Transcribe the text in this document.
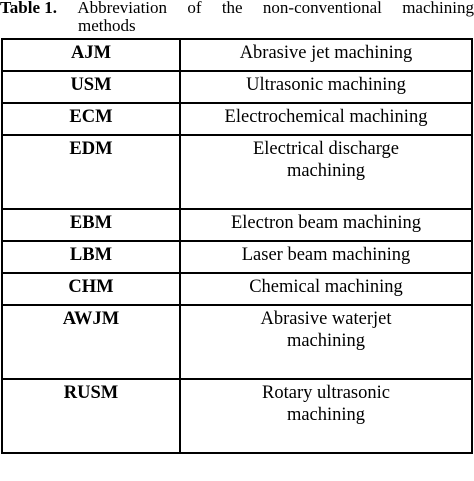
Table 1. Abbreviation of the non-conventional machining
methods
AJM	Abrasive jet machining
USM	Ultrasonic machining
ECM	Electrochemical machining
EDM	Electrical discharge machining
EBM	Electron beam machining
LBM	Laser beam machining
CHM	Chemical machining
AWJM	Abrasive waterjet machining
RUSM	Rotary ultrasonic machining
